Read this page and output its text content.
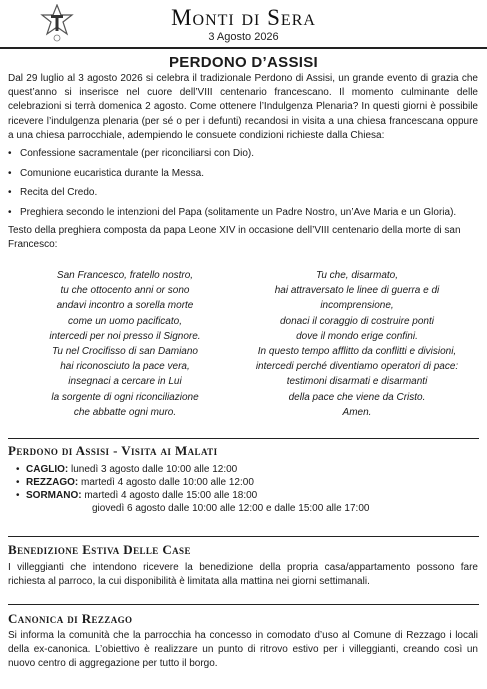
Monti di Sera
3 Agosto 2026
PERDONO D’ASSISI

Dal 29 luglio al 3 agosto 2026 si celebra il tradizionale Perdono di Assisi, un grande evento di grazia che quest’anno si inserisce nel cuore dell’VIII centenario francescano. Il momento culminante delle celebrazioni si terrà domenica 2 agosto. Come ottenere l’Indulgenza Plenaria? In questi giorni è possibile ricevere l’indulgenza plenaria (per sé o per i defunti) recandosi in visita a una chiesa francescana oppure a una chiesa parrocchiale, adempiendo le consuete condizioni richieste dalla Chiesa:

• Confessione sacramentale (per riconciliarsi con Dio).
• Comunione eucaristica durante la Messa.
• Recita del Credo.
• Preghiera secondo le intenzioni del Papa (solitamente un Padre Nostro, un’Ave Maria e un Gloria).

Testo della preghiera composta da papa Leone XIV in occasione dell’VIII centenario della morte di san Francesco:

San Francesco, fratello nostro,
tu che ottocento anni or sono
andavi incontro a sorella morte
come un uomo pacificato,
intercedi per noi presso il Signore.
Tu nel Crocifisso di san Damiano
hai riconosciuto la pace vera,
insegnaci a cercare in Lui
la sorgente di ogni riconciliazione
che abbatte ogni muro.
Tu che, disarmato,
hai attraversato le linee di guerra e di
incomprensione,
donaci il coraggio di costruire ponti
dove il mondo erige confini.
In questo tempo afflitto da conflitti e divisioni,
intercedi perché diventiamo operatori di pace:
testimoni disarmati e disarmanti
della pace che viene da Cristo.
Amen.
Perdono di Assisi - Visita ai Malati
• CAGLIO: lunedì 3 agosto dalle 10:00 alle 12:00
• REZZAGO: martedì 4 agosto dalle 10:00 alle 12:00
• SORMANO: martedì 4 agosto dalle 15:00 alle 18:00
giovedì 6 agosto dalle 10:00 alle 12:00 e dalle 15:00 alle 17:00
Benedizione Estiva Delle Case

I villeggianti che intendono ricevere la benedizione della propria casa/appartamento possono fare richiesta al parroco, la cui disponibilità è limitata alla mattina nei giorni settimanali.

Canonica di Rezzago

Si informa la comunità che la parrocchia ha concesso in comodato d’uso al Comune di Rezzago i locali della ex-canonica. L’obiettivo è realizzare un punto di ritrovo estivo per i villeggianti, creando così un nuovo centro di aggregazione per tutto il borgo.
